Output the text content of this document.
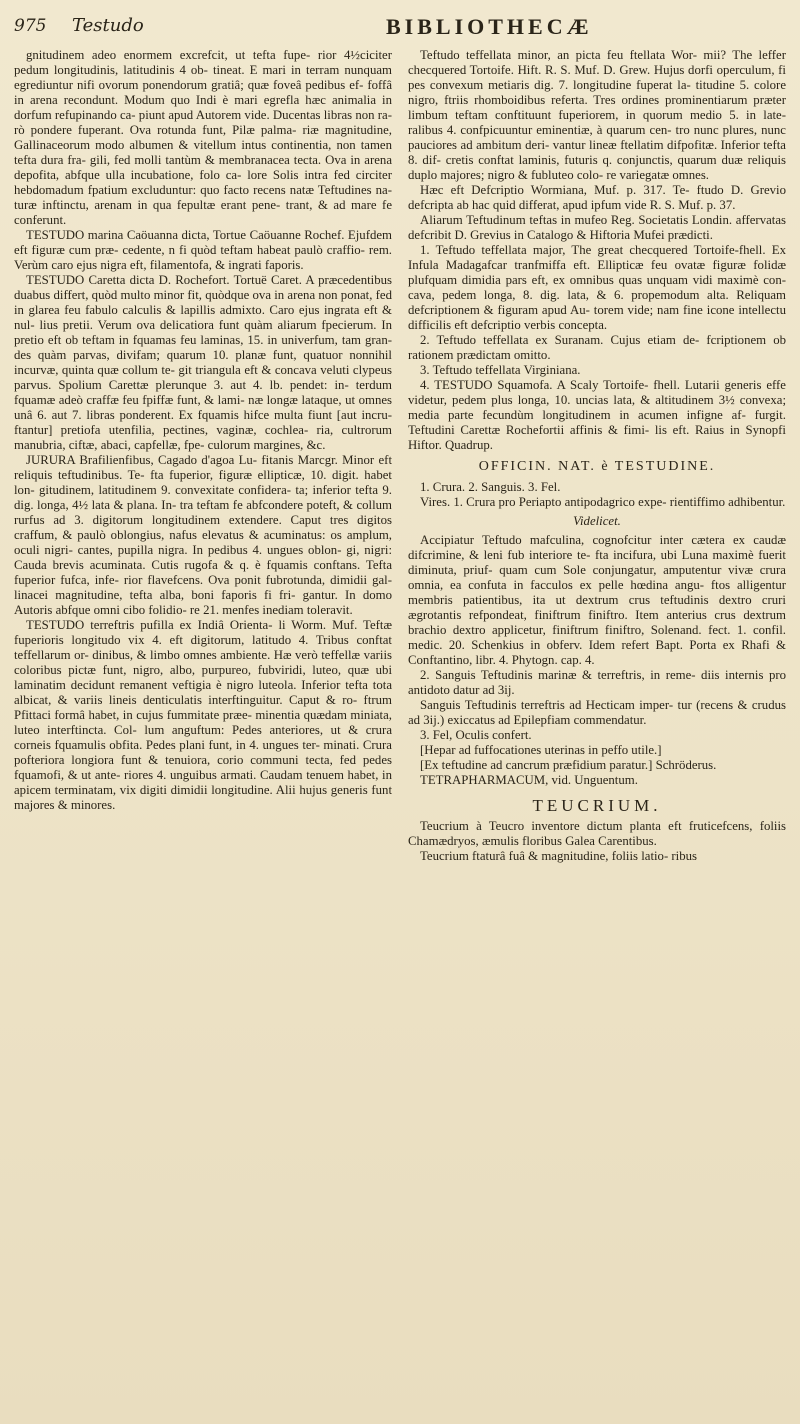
975 Testudo	BIBLIOTHECÆ

gnitudinem adeo enormem excrefcit, ut tefta fupe- rior 4½ciciter pedum longitudinis, latitudinis 4 ob- tineat. E mari in terram nunquam egrediuntur nifi ovorum ponendorum gratiâ; quæ foveâ pedibus ef- foffâ in arena recondunt. Modum quo Indi è mari egrefla hæc animalia in dorfum refupinando ca- piunt apud Autorem vide. Ducentas libras non ra- rò pondere fuperant. Ova rotunda funt, Pilæ palma- riæ magnitudine, Gallinaceorum modo albumen & vitellum intus continentia, non tamen tefta dura fra- gili, fed molli tantùm & membranacea tecta. Ova in arena depofita, abfque ulla incubatione, folo ca- lore Solis intra fed circiter hebdomadum fpatium excluduntur: quo facto recens natæ Teftudines na- turæ inftinctu, arenam in qua fepultæ erant pene- trant, & ad mare fe conferunt.

TESTUDO marina Caöuanna dicta, Tortue Caöuanne Rochef. Ejufdem eft figuræ cum præ- cedente, n fi quòd teftam habeat paulò craffio- rem. Verùm caro ejus nigra eft, filamentofa, & ingrati faporis.

TESTUDO Caretta dicta D. Rochefort. Tortuë Caret. A præcedentibus duabus differt, quòd multo minor fit, quòdque ova in arena non ponat, fed in glarea feu fabulo calculis & lapillis admixto. Caro ejus ingrata eft & nul- lius pretii. Verum ova delicatiora funt quàm aliarum fpecierum. In pretio eft ob teftam in fquamas feu laminas, 15. in univerfum, tam gran- des quàm parvas, divifam; quarum 10. planæ funt, quatuor nonnihil incurvæ, quinta quæ collum te- git triangula eft & concava veluti clypeus parvus. Spolium Carettæ plerunque 3. aut 4. lb. pendet: in- terdum fquamæ adeò craffæ feu fpiffæ funt, & lami- næ longæ lataque, ut omnes unâ 6. aut 7. libras ponderent. Ex fquamis hifce multa fiunt [aut incru- ftantur] pretiofa utenfilia, pectines, vaginæ, cochlea- ria, cultrorum manubria, ciftæ, abaci, capfellæ, fpe- culorum margines, &c.

JURURA Brafilienfibus, Cagado d'agoa Lu- fitanis Marcgr. Minor eft reliquis teftudinibus. Te- fta fuperior, figuræ ellipticæ, 10. digit. habet lon- gitudinem, latitudinem 9. convexitate confidera- ta; inferior tefta 9. dig. longa, 4½ lata & plana. In- tra teftam fe abfcondere poteft, & collum rurfus ad 3. digitorum longitudinem extendere. Caput tres digitos craffum, & paulò oblongius, nafus elevatus & acuminatus: os amplum, oculi nigri- cantes, pupilla nigra. In pedibus 4. ungues oblon- gi, nigri: Cauda brevis acuminata. Cutis rugofa & q. è fquamis conftans. Tefta fuperior fufca, infe- rior flavefcens. Ova ponit fubrotunda, dimidii gal- linacei magnitudine, tefta alba, boni faporis fi fri- gantur. In domo Autoris abfque omni cibo folidio- re 21. menfes inediam toleravit.

TESTUDO terreftris pufilla ex Indiâ Orienta- li Worm. Muf. Teftæ fuperioris longitudo vix 4. eft digitorum, latitudo 4. Tribus conftat teffellarum or- dinibus, & limbo omnes ambiente. Hæ verò teffellæ variis coloribus pictæ funt, nigro, albo, purpureo, fubviridi, luteo, quæ ubi laminatim decidunt remanent veftigia è nigro luteola. Inferior tefta tota albicat, & variis lineis denticulatis interftinguitur. Caput & ro- ftrum Pfittaci formâ habet, in cujus fummitate præe- minentia quædam miniata, luteo interftincta. Col- lum anguftum: Pedes anteriores, ut & crura corneis fquamulis obfita. Pedes plani funt, in 4. ungues ter- minati. Crura pofteriora longiora funt & tenuiora, corio communi tecta, fed pedes fquamofi, & ut ante- riores 4. unguibus armati. Caudam tenuem habet, in apicem terminatam, vix digiti dimidii longitudine. Alii hujus generis funt majores & minores.

Teftudo teffellata minor, an picta feu ftellata Wor- mii? The leffer checquered Tortoife. Hift. R. S. Muf. D. Grew. Hujus dorfi operculum, fi pes convexum metiaris dig. 7. longitudine fuperat la- titudine 5. colore nigro, ftriis rhomboidibus referta. Tres ordines prominentiarum præter limbum teftam conftituunt fuperiorem, in quorum medio 5. in late- ralibus 4. confpicuuntur eminentiæ, à quarum cen- tro nunc plures, nunc pauciores ad ambitum deri- vantur lineæ ftellatim difpofitæ. Inferior tefta 8. dif- cretis conftat laminis, futuris q. conjunctis, quarum duæ reliquis duplo majores; nigro & fubluteo colo- re variegatæ omnes.

Hæc eft Defcriptio Wormiana, Muf. p. 317. Te- ftudo D. Grevio defcripta ab hac quid differat, apud ipfum vide R. S. Muf. p. 37.

Aliarum Teftudinum teftas in mufeo Reg. Societatis Londin. affervatas defcribit D. Grevius in Catalogo & Hiftoria Mufei prædicti.

1. Teftudo teffellata major, The great checquered Tortoife-fhell. Ex Infula Madagafcar tranfmiffa eft. Ellipticæ feu ovatæ figuræ folidæ plufquam dimidia pars eft, ex omnibus quas unquam vidi maximè con- cava, pedem longa, 8. dig. lata, & 6. propemodum alta. Reliquam defcriptionem & figuram apud Au- torem vide; nam fine icone intellectu difficilis eft defcriptio verbis concepta.

2. Teftudo teffellata ex Suranam. Cujus etiam de- fcriptionem ob rationem prædictam omitto.

3. Teftudo teffellata Virginiana.

4. TESTUDO Squamofa. A Scaly Tortoife- fhell. Lutarii generis effe videtur, pedem plus longa, 10. uncias lata, & altitudinem 3½ convexa; media parte fecundùm longitudinem in acumen infigne af- furgit. Teftudini Carettæ Rochefortii affinis & fimi- lis eft. Raius in Synopfi Hiftor. Quadrup.

OFFICIN. NAT. è TESTUDINE.

1. Crura. 2. Sanguis. 3. Fel.

Vires. 1. Crura pro Periapto antipodagrico expe- rientiffimo adhibentur.

Videlicet.

Accipiatur Teftudo mafculina, cognofcitur inter cætera ex caudæ difcrimine, & leni fub interiore te- fta incifura, ubi Luna maximè fuerit diminuta, priuf- quam cum Sole conjungatur, amputentur vivæ crura omnia, ea confuta in facculos ex pelle hœdina angu- ftos alligentur membris patientibus, ita ut dextrum crus teftudinis dextro cruri ægrotantis refpondeat, finiftrum finiftro. Item anterius crus dextrum brachio dextro applicetur, finiftrum finiftro, Solenand. fect. 1. confil. medic. 20. Schenkius in obferv. Idem refert Bapt. Porta ex Rhafi & Conftantino, libr. 4. Phytogn. cap. 4.

2. Sanguis Teftudinis marinæ & terreftris, in reme- diis internis pro antidoto datur ad 3ij.

Sanguis Teftudinis terreftris ad Hecticam imper- tur (recens & crudus ad 3ij.) exiccatus ad Epilepfiam commendatur.

3. Fel, Oculis confert.

[Hepar ad fuffocationes uterinas in peffo utile.]

[Ex teftudine ad cancrum præfidium paratur.] Schröderus.

TETRAPHARMACUM, vid. Unguentum.

TEUCRIUM.

Teucrium à Teucro inventore dictum planta eft fruticefcens, foliis Chamædryos, æmulis floribus Galea Carentibus.

Teucrium ftaturâ fuâ & magnitudine, foliis latio- ribus
